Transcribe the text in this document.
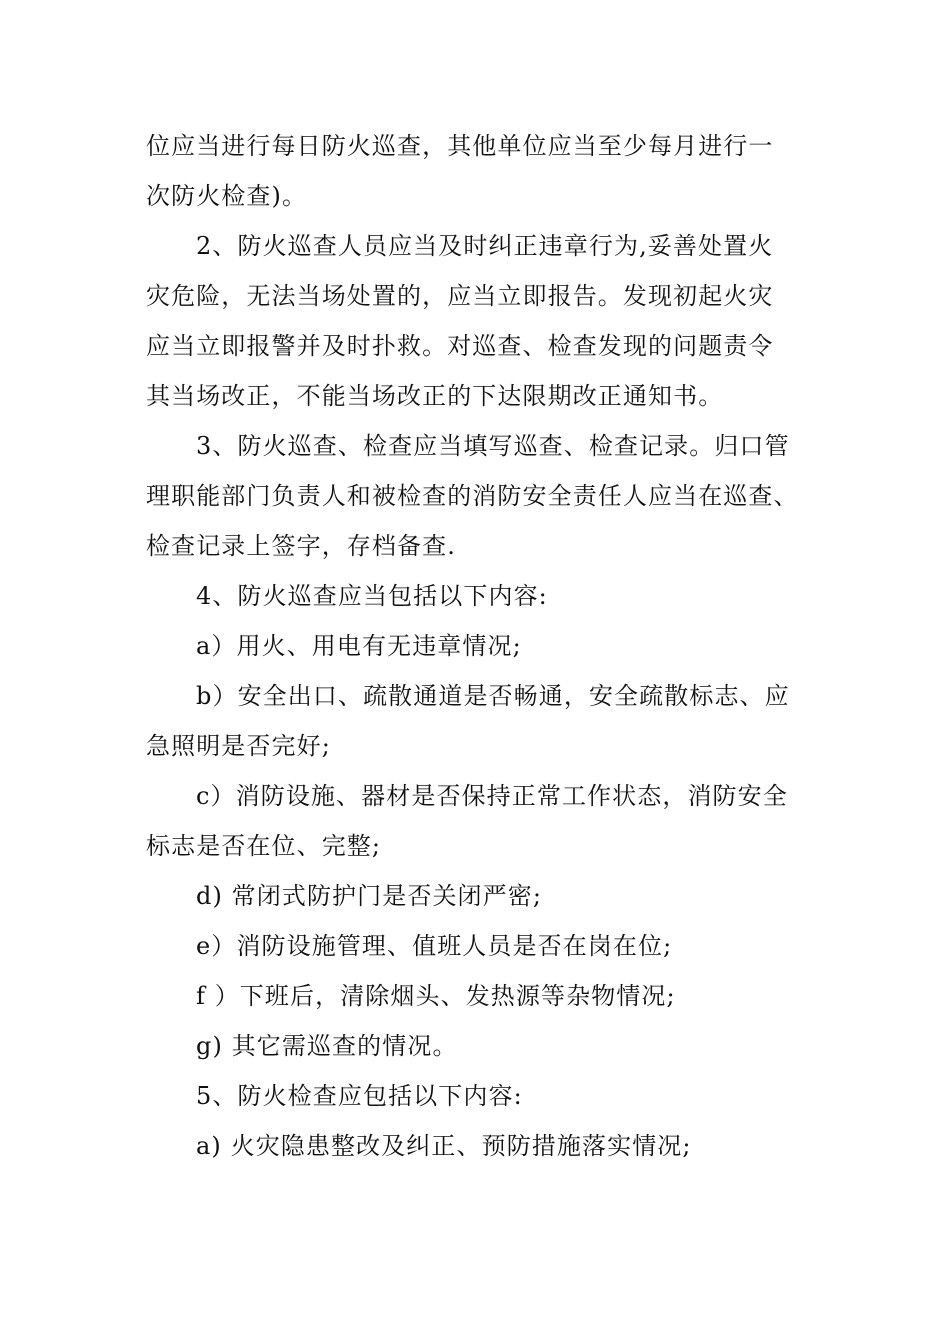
位应当进行每日防火巡查，其他单位应当至少每月进行一
次防火检查)。
2、防火巡查人员应当及时纠正违章行为,妥善处置火
灾危险，无法当场处置的，应当立即报告。发现初起火灾
应当立即报警并及时扑救。对巡查、检查发现的问题责令
其当场改正，不能当场改正的下达限期改正通知书。
3、防火巡查、检查应当填写巡查、检查记录。归口管
理职能部门负责人和被检查的消防安全责任人应当在巡查、
检查记录上签字，存档备查.
4、防火巡查应当包括以下内容:
a）用火、用电有无违章情况;
b）安全出口、疏散通道是否畅通，安全疏散标志、应
急照明是否完好;
c）消防设施、器材是否保持正常工作状态，消防安全
标志是否在位、完整;
d) 常闭式防护门是否关闭严密;
e）消防设施管理、值班人员是否在岗在位;
f ）下班后，清除烟头、发热源等杂物情况;
g) 其它需巡查的情况。
5、防火检查应包括以下内容:
a) 火灾隐患整改及纠正、预防措施落实情况;
